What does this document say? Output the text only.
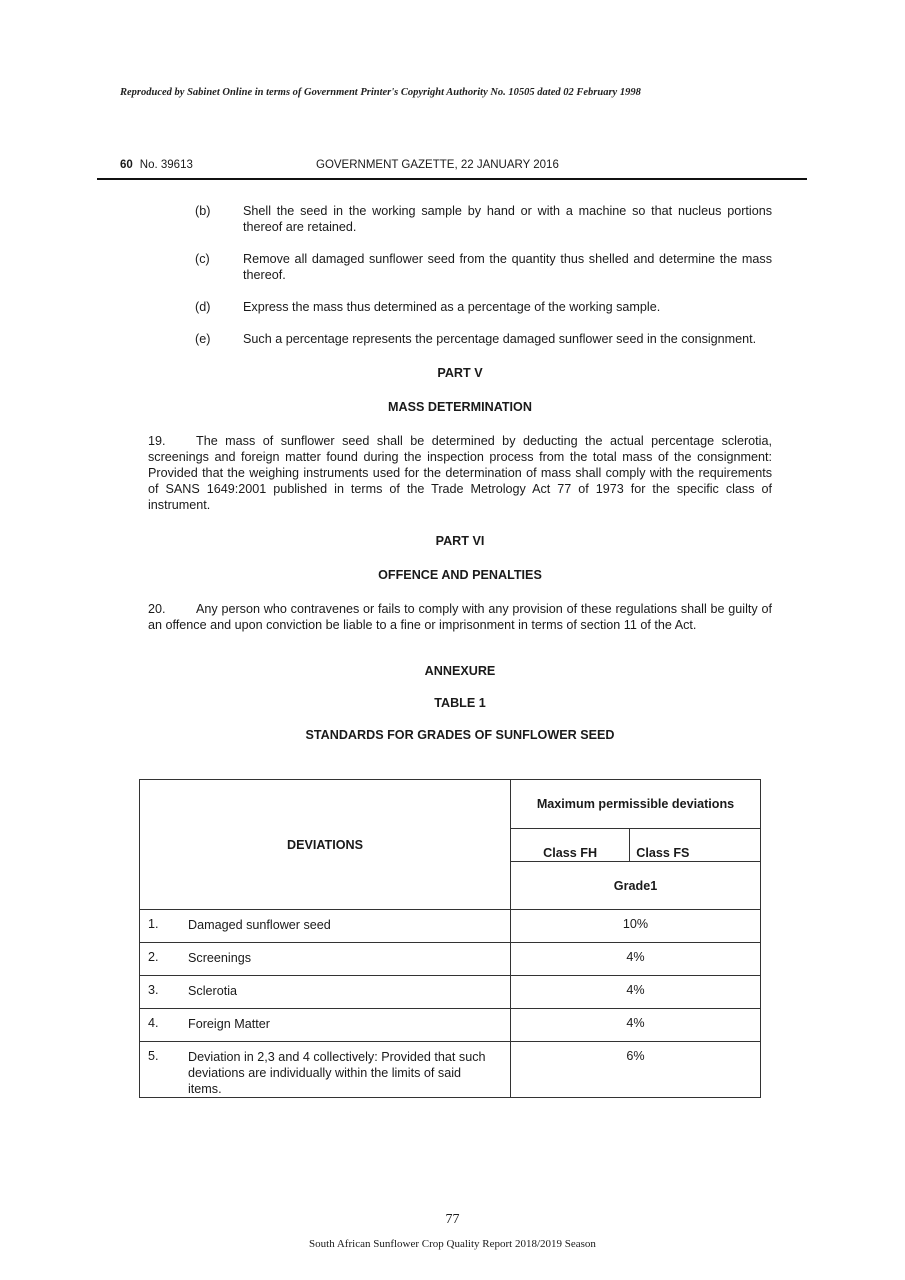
Reproduced by Sabinet Online in terms of Government Printer's Copyright Authority No. 10505 dated 02 February 1998
60 No. 39613	GOVERNMENT GAZETTE, 22 JANUARY 2016
(b)	Shell the seed in the working sample by hand or with a machine so that nucleus portions thereof are retained.
(c)	Remove all damaged sunflower seed from the quantity thus shelled and determine the mass thereof.
(d)	Express the mass thus determined as a percentage of the working sample.
(e)	Such a percentage represents the percentage damaged sunflower seed in the consignment.
PART V
MASS DETERMINATION
19. The mass of sunflower seed shall be determined by deducting the actual percentage sclerotia, screenings and foreign matter found during the inspection process from the total mass of the consignment: Provided that the weighing instruments used for the determination of mass shall comply with the requirements of SANS 1649:2001 published in terms of the Trade Metrology Act 77 of 1973 for the specific class of instrument.
PART VI
OFFENCE AND PENALTIES
20. Any person who contravenes or fails to comply with any provision of these regulations shall be guilty of an offence and upon conviction be liable to a fine or imprisonment in terms of section 11 of the Act.
ANNEXURE
TABLE 1
STANDARDS FOR GRADES OF SUNFLOWER SEED
DEVIATIONS		Maximum permissible deviations	
		Class FH	Class FS
		Grade1	
1.	Damaged sunflower seed	10%	
2.	Screenings	4%	
3.	Sclerotia	4%	
4.	Foreign Matter	4%	
5.	Deviation in 2,3 and 4 collectively: Provided that such deviations are individually within the limits of said items.	6%	
77
South African Sunflower Crop Quality Report 2018/2019 Season
